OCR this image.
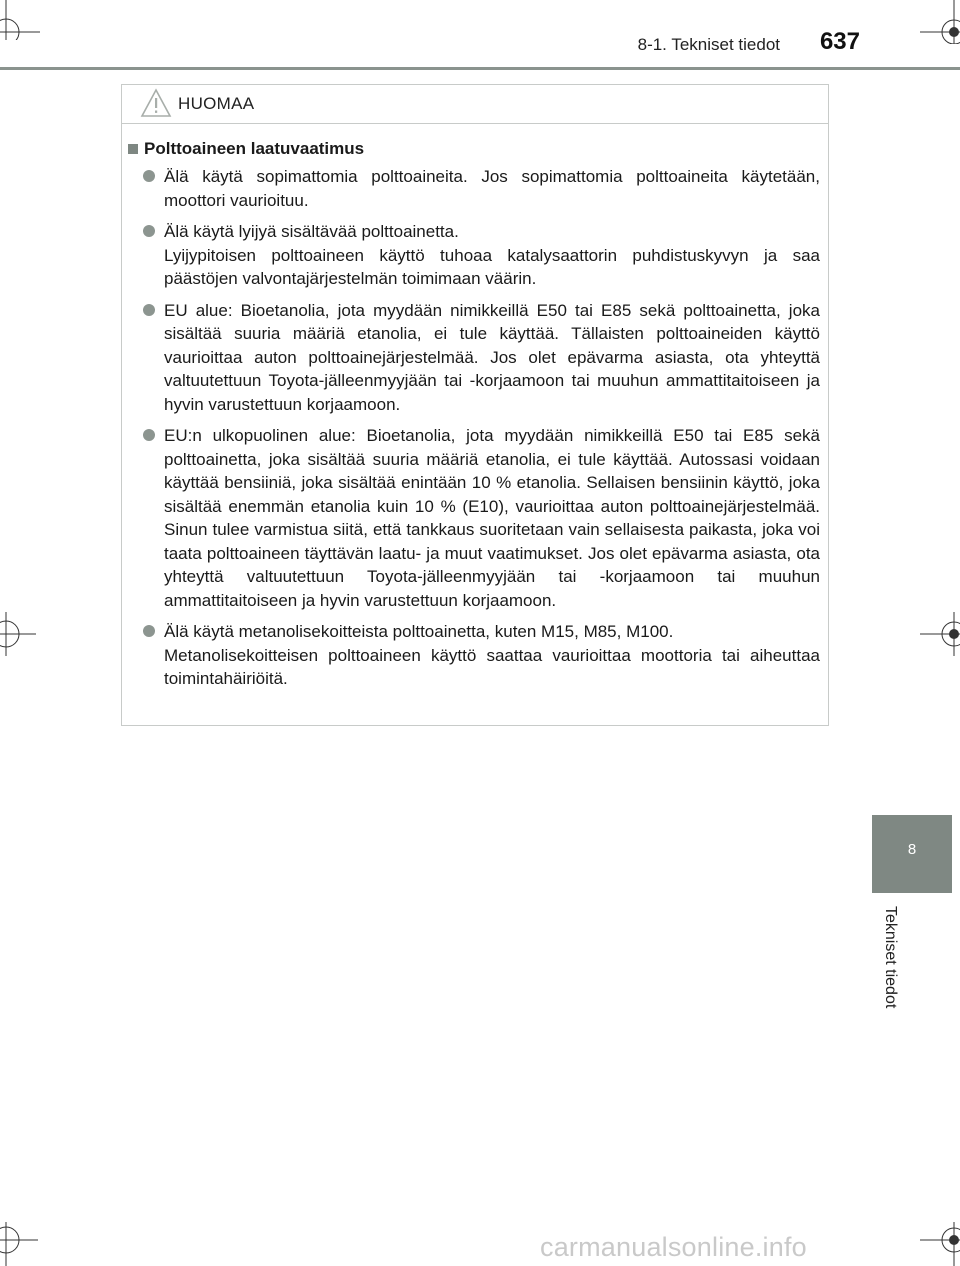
8-1. Tekniset tiedot	637
8
Tekniset tiedot
HUOMAA
Polttoaineen laatuvaatimus

Älä käytä sopimattomia polttoaineita. Jos sopimattomia polttoaineita käytetään, moottori vaurioituu.

Älä käytä lyijyä sisältävää polttoainetta.

Lyijypitoisen polttoaineen käyttö tuhoaa katalysaattorin puhdistuskyvyn ja saa päästöjen valvontajärjestelmän toimimaan väärin.

EU alue: Bioetanolia, jota myydään nimikkeillä E50 tai E85 sekä polttoainetta, joka sisältää suuria määriä etanolia, ei tule käyttää. Tällaisten polttoaineiden käyttö vaurioittaa auton polttoainejärjestelmää. Jos olet epävarma asiasta, ota yhteyttä valtuutettuun Toyota-jälleenmyyjään tai -korjaamoon tai muuhun ammattitaitoiseen ja hyvin varustettuun korjaamoon.

EU:n ulkopuolinen alue: Bioetanolia, jota myydään nimikkeillä E50 tai E85 sekä polttoainetta, joka sisältää suuria määriä etanolia, ei tule käyttää. Autossasi voidaan käyttää bensiiniä, joka sisältää enintään 10 % etanolia. Sellaisen bensiinin käyttö, joka sisältää enemmän etanolia kuin 10 % (E10), vaurioittaa auton polttoainejärjestelmää. Sinun tulee varmistua siitä, että tankkaus suoritetaan vain sellaisesta paikasta, joka voi taata polttoaineen täyttävän laatu- ja muut vaatimukset. Jos olet epävarma asiasta, ota yhteyttä valtuutettuun Toyota-jälleenmyyjään tai -korjaamoon tai muuhun ammattitaitoiseen ja hyvin varustettuun korjaamoon.

Älä käytä metanolisekoitteista polttoainetta, kuten M15, M85, M100.

Metanolisekoitteisen polttoaineen käyttö saattaa vaurioittaa moottoria tai aiheuttaa toimintahäiriöitä.

carmanualsonline.info
